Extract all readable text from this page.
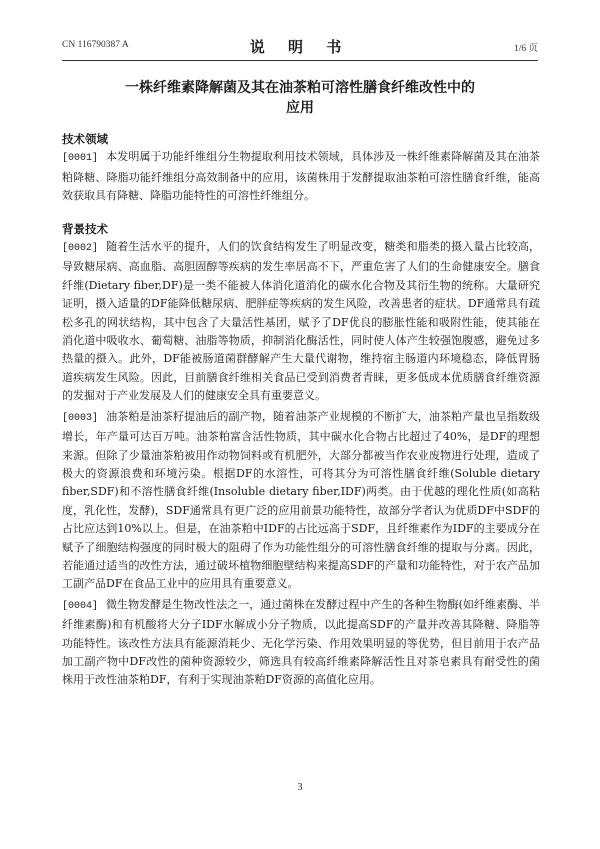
CN 116790387 A	说 明 书	1/6 页
一株纤维素降解菌及其在油茶粕可溶性膳食纤维改性中的
应用

技术领域

[0001] 本发明属于功能纤维组分生物提取利用技术领域，具体涉及一株纤维素降解菌及其在油茶粕降糖、降脂功能纤维组分高效制备中的应用，该菌株用于发酵提取油茶粕可溶性膳食纤维，能高效获取具有降糖、降脂功能特性的可溶性纤维组分。

背景技术

[0002] 随着生活水平的提升，人们的饮食结构发生了明显改变，糖类和脂类的摄入量占比较高，导致糖尿病、高血脂、高胆固醇等疾病的发生率居高不下，严重危害了人们的生命健康安全。膳食纤维(Dietary fiber,DF)是一类不能被人体消化道消化的碳水化合物及其衍生物的统称。大量研究证明，摄入适量的DF能降低糖尿病、肥胖症等疾病的发生风险，改善患者的症状。DF通常具有疏松多孔的网状结构，其中包含了大量活性基团，赋予了DF优良的膨胀性能和吸附性能，使其能在消化道中吸收水、葡萄糖、油脂等物质，抑制消化酶活性，同时使人体产生较强饱腹感，避免过多热量的摄入。此外，DF能被肠道菌群酵解产生大量代谢物，维持宿主肠道内环境稳态，降低胃肠道疾病发生风险。因此，目前膳食纤维相关食品已受到消费者青睐，更多低成本优质膳食纤维资源的发掘对于产业发展及人们的健康安全具有重要意义。

[0003] 油茶粕是油茶籽提油后的副产物，随着油茶产业规模的不断扩大，油茶粕产量也呈指数级增长，年产量可达百万吨。油茶粕富含活性物质，其中碳水化合物占比超过了40%，是DF的理想来源。但除了少量油茶粕被用作动物饲料或有机肥外，大部分都被当作农业废物进行处理，造成了极大的资源浪费和环境污染。根据DF的水溶性，可将其分为可溶性膳食纤维(Soluble dietary fiber,SDF)和不溶性膳食纤维(Insoluble dietary fiber,IDF)两类。由于优越的理化性质(如高粘度，乳化性，发酵)，SDF通常具有更广泛的应用前景功能特性，故部分学者认为优质DF中SDF的占比应达到10%以上。但是，在油茶粕中IDF的占比远高于SDF，且纤维素作为IDF的主要成分在赋予了细胞结构强度的同时极大的阻碍了作为功能性组分的可溶性膳食纤维的提取与分离。因此，若能通过适当的改性方法，通过破坏植物细胞壁结构来提高SDF的产量和功能特性，对于农产品加工副产品DF在食品工业中的应用具有重要意义。

[0004] 微生物发酵是生物改性法之一，通过菌株在发酵过程中产生的各种生物酶(如纤维素酶、半纤维素酶)和有机酸将大分子IDF水解成小分子物质，以此提高SDF的产量并改善其降糖、降脂等功能特性。该改性方法具有能源消耗少、无化学污染、作用效果明显的等优势，但目前用于农产品加工副产物中DF改性的菌种资源较少，筛选具有较高纤维素降解活性且对茶皂素具有耐受性的菌株用于改性油茶粕DF，有利于实现油茶粕DF资源的高值化应用。

3
